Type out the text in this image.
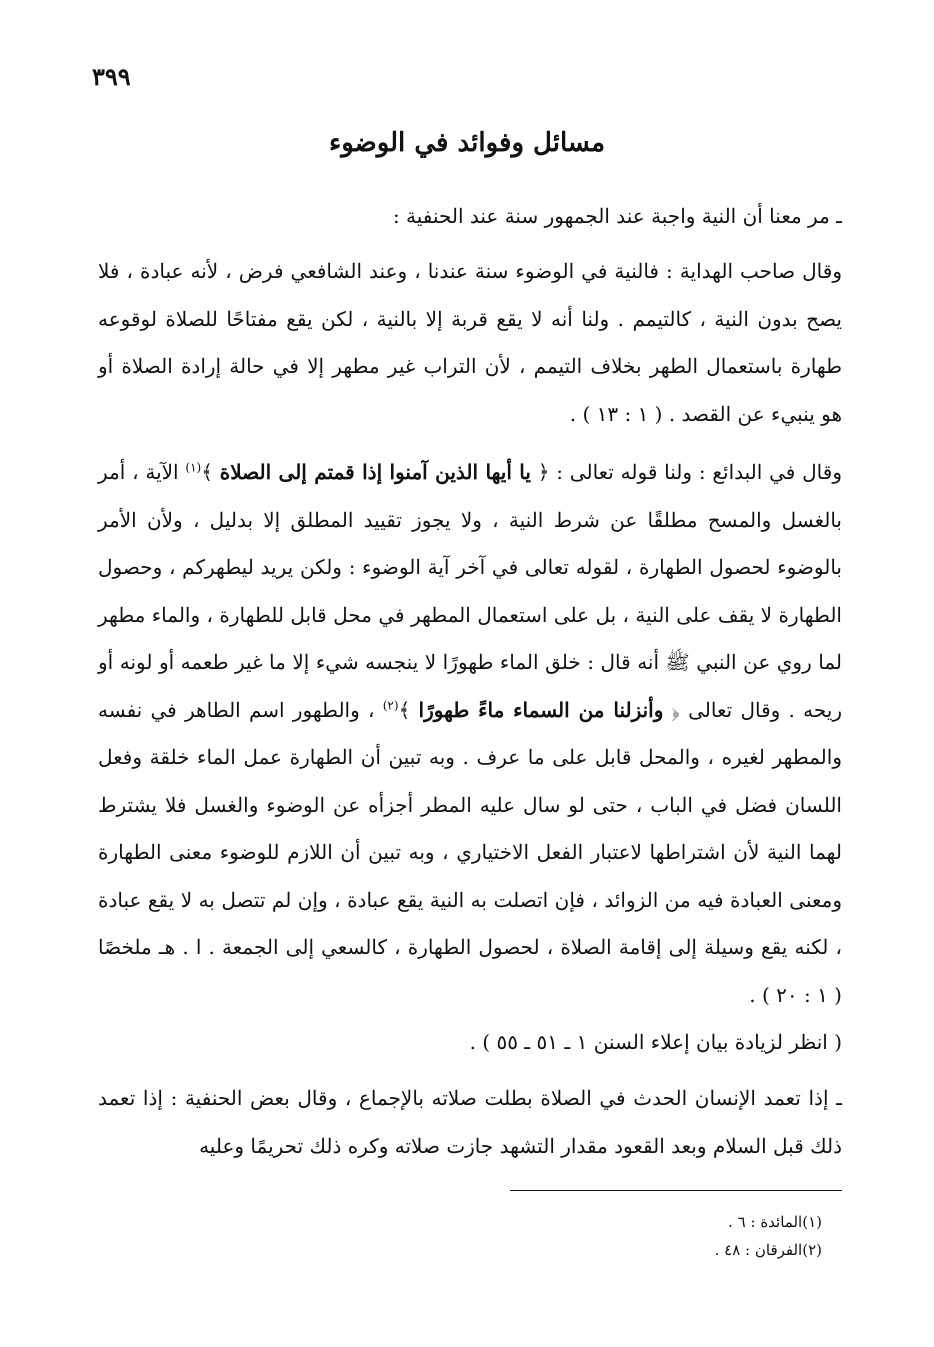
٣٩٩
مسائل وفوائد في الوضوء
ـ مر معنا أن النية واجبة عند الجمهور سنة عند الحنفية :
وقال صاحب الهداية : فالنية في الوضوء سنة عندنا ، وعند الشافعي فرض ، لأنه عبادة ، فلا يصح بدون النية ، كالتيمم . ولنا أنه لا يقع قربة إلا بالنية ، لكن يقع مفتاحًا للصلاة لوقوعه طهارة باستعمال الطهر بخلاف التيمم ، لأن التراب غير مطهر إلا في حالة إرادة الصلاة أو هو ينبيء عن القصد . ( ١ : ١٣ ) .
وقال في البدائع : ولنا قوله تعالى : ﴿ يا أيها الذين آمنوا إذا قمتم إلى الصلاة ﴾$^{(١)}$ الآية ، أمر بالغسل والمسح مطلقًا عن شرط النية ، ولا يجوز تقييد المطلق إلا بدليل ، ولأن الأمر بالوضوء لحصول الطهارة ، لقوله تعالى في آخر آية الوضوء : ولكن يريد ليطهركم ، وحصول الطهارة لا يقف على النية ، بل على استعمال المطهر في محل قابل للطهارة ، والماء مطهر لما روي عن النبي ﷺ أنه قال : خلق الماء طهورًا لا ينجسه شيء إلا ما غير طعمه أو لونه أو ريحه . وقال تعالى ﴿ وأنزلنا من السماء ماءً طهورًا ﴾$^{(٢)}$ ، والطهور اسم الطاهر في نفسه والمطهر لغيره ، والمحل قابل على ما عرف . وبه تبين أن الطهارة عمل الماء خلقة وفعل اللسان فضل في الباب ، حتى لو سال عليه المطر أجزأه عن الوضوء والغسل فلا يشترط لهما النية لأن اشتراطها لاعتبار الفعل الاختياري ، وبه تبين أن اللازم للوضوء معنى الطهارة ومعنى العبادة فيه من الزوائد ، فإن اتصلت به النية يقع عبادة ، وإن لم تتصل به لا يقع عبادة ، لكنه يقع وسيلة إلى إقامة الصلاة ، لحصول الطهارة ، كالسعي إلى الجمعة . ا . هـ ملخصًا ( ١ : ٢٠ ) .
( انظر لزيادة بيان إعلاء السنن ١ ـ ٥١ ـ ٥٥ ) .
ـ إذا تعمد الإنسان الحدث في الصلاة بطلت صلاته بالإجماع ، وقال بعض الحنفية : إذا تعمد ذلك قبل السلام وبعد القعود مقدار التشهد جازت صلاته وكره ذلك تحريمًا وعليه
(١)المائدة : ٦ .
(٢)الفرقان : ٤٨ .
